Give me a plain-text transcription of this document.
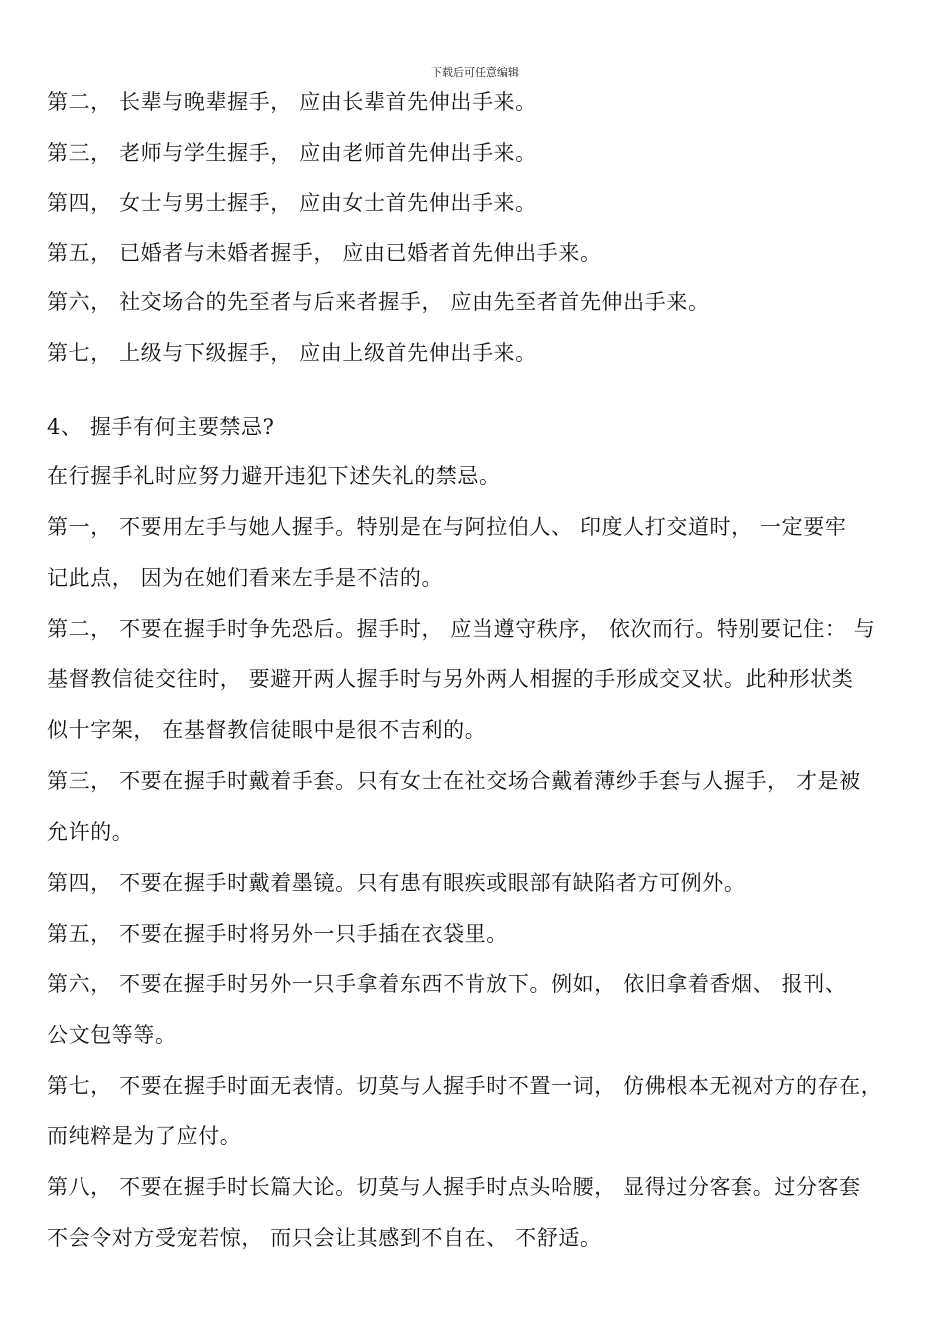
下载后可任意编辑
第二， 长辈与晚辈握手， 应由长辈首先伸出手来。
第三， 老师与学生握手， 应由老师首先伸出手来。
第四， 女士与男士握手， 应由女士首先伸出手来。
第五， 已婚者与未婚者握手， 应由已婚者首先伸出手来。
第六， 社交场合的先至者与后来者握手， 应由先至者首先伸出手来。
第七， 上级与下级握手， 应由上级首先伸出手来。
4、 握手有何主要禁忌?
在行握手礼时应努力避开违犯下述失礼的禁忌。
第一， 不要用左手与她人握手。特别是在与阿拉伯人、 印度人打交道时， 一定要牢
记此点， 因为在她们看来左手是不洁的。
第二， 不要在握手时争先恐后。握手时， 应当遵守秩序， 依次而行。特别要记住： 与
基督教信徒交往时， 要避开两人握手时与另外两人相握的手形成交叉状。此种形状类
似十字架， 在基督教信徒眼中是很不吉利的。
第三， 不要在握手时戴着手套。只有女士在社交场合戴着薄纱手套与人握手， 才是被
允许的。
第四， 不要在握手时戴着墨镜。只有患有眼疾或眼部有缺陷者方可例外。
第五， 不要在握手时将另外一只手插在衣袋里。
第六， 不要在握手时另外一只手拿着东西不肯放下。例如， 依旧拿着香烟、 报刊、
公文包等等。
第七， 不要在握手时面无表情。切莫与人握手时不置一词， 仿佛根本无视对方的存在，
而纯粹是为了应付。
第八， 不要在握手时长篇大论。切莫与人握手时点头哈腰， 显得过分客套。过分客套
不会令对方受宠若惊， 而只会让其感到不自在、 不舒适。
